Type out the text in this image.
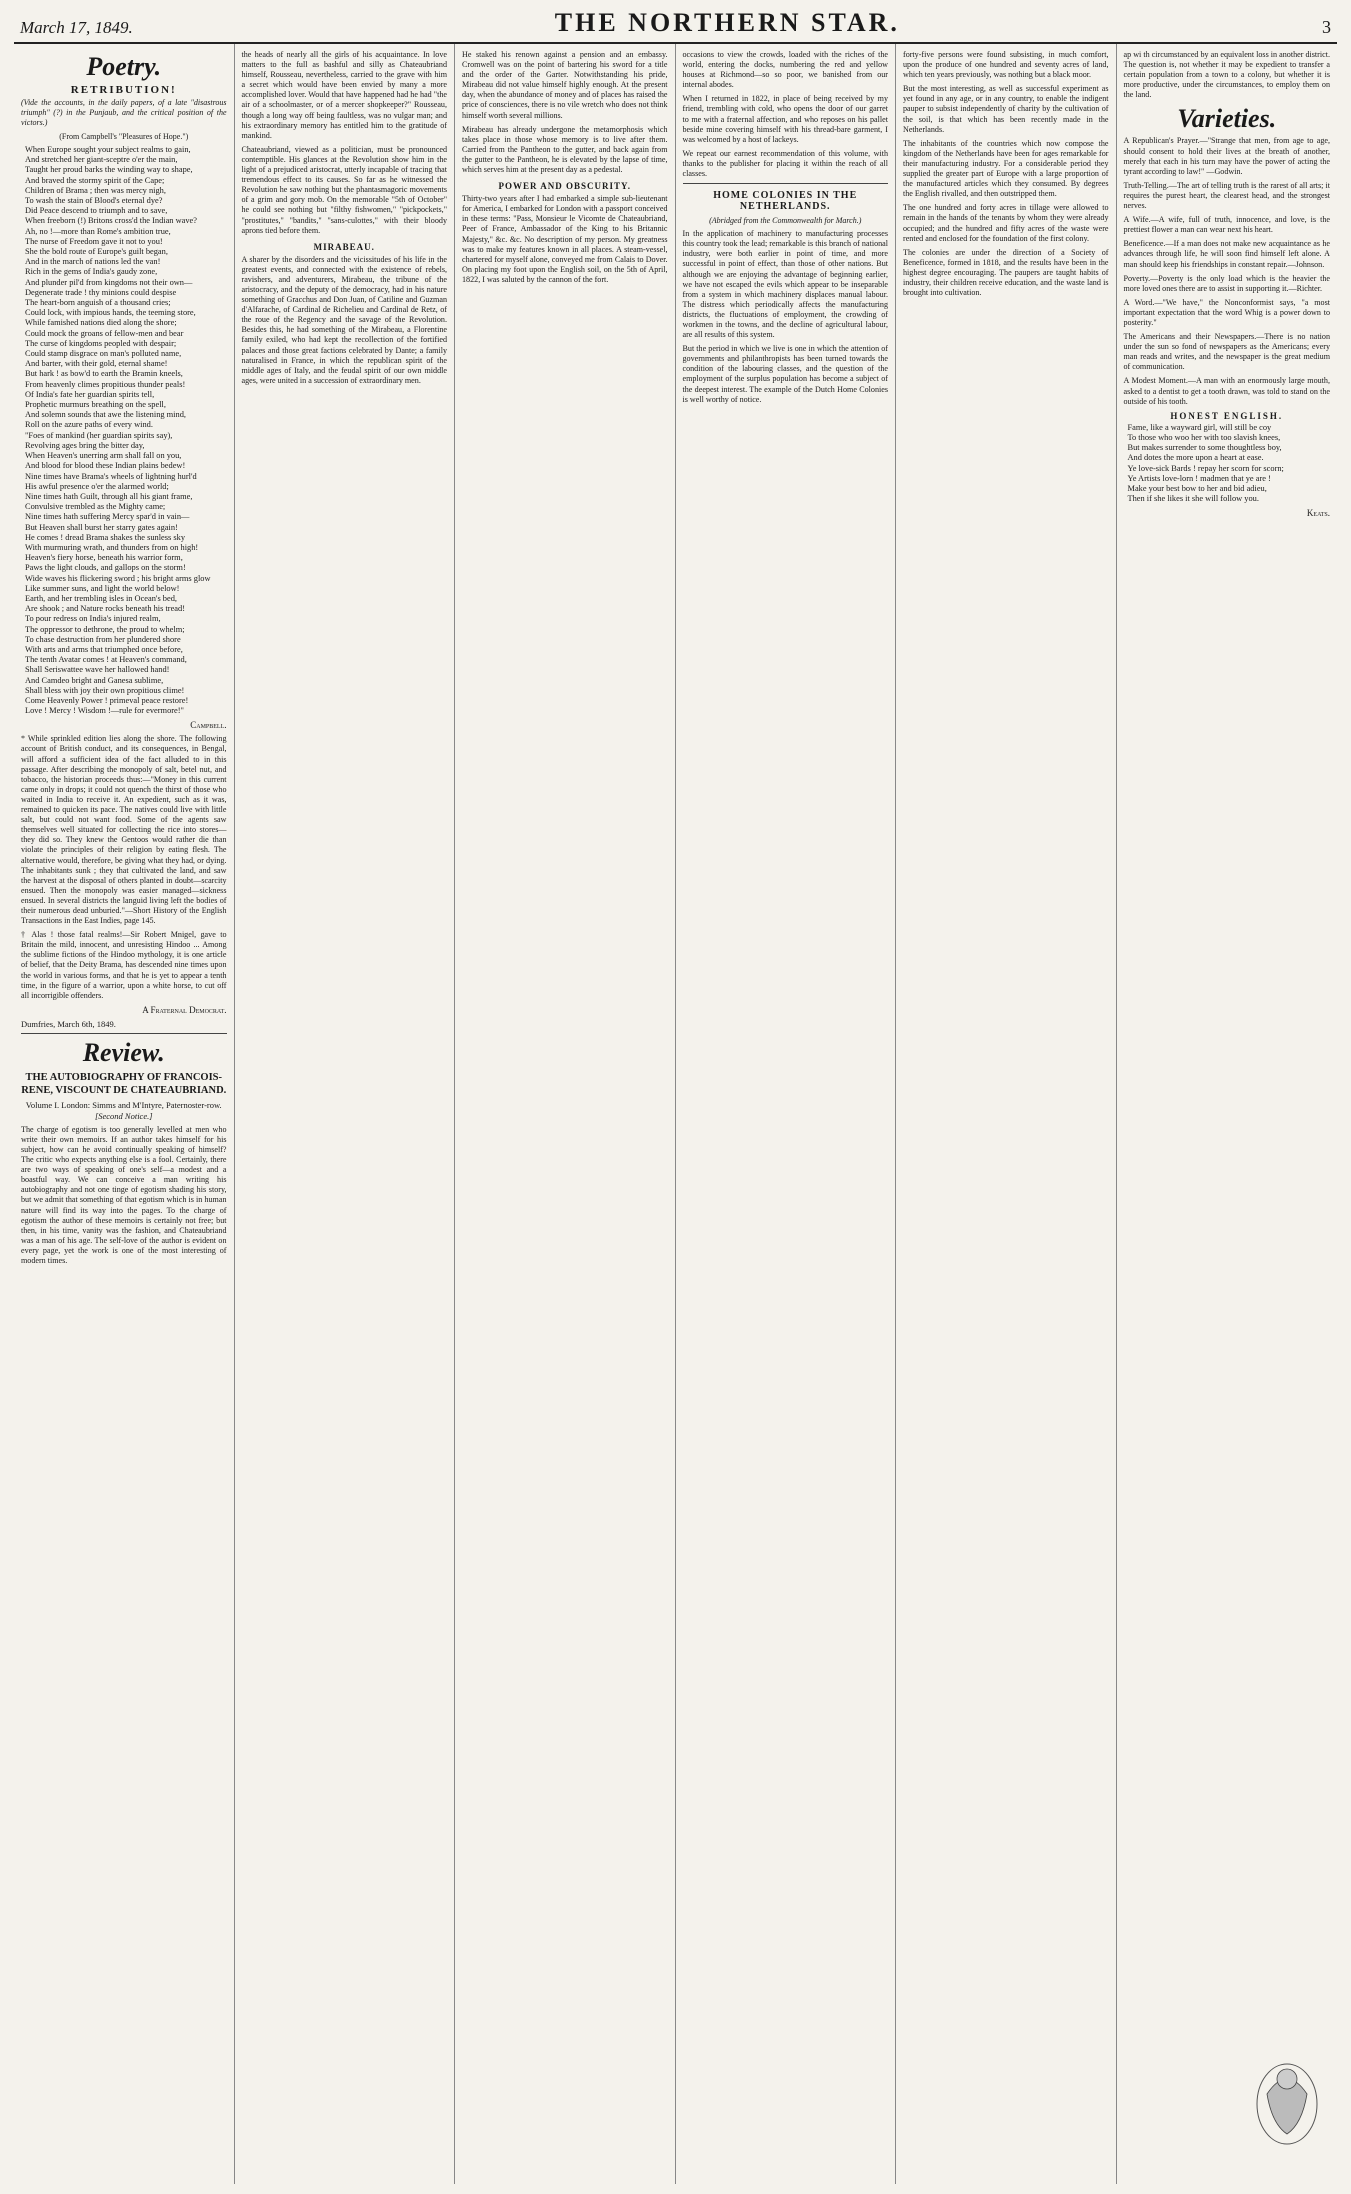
March 17, 1849.	THE NORTHERN STAR.	3
Poetry.
RETRIBUTION!
(Vide the accounts, in the daily papers, of a late "disastrous triumph" (?) in the Punjaub, and the critical position of the victors.)
(From Campbell's "Pleasures of Hope.")
When Europe sought your subject realms to gain,
And stretched her giant-sceptre o'er the main,
Taught her proud barks the winding way to shape,
And braved the stormy spirit of the Cape;
Children of Brama ; then was mercy nigh,
To wash the stain of Blood's eternal dye?
Did Peace descend to triumph and to save,
When freeborn (!) Britons cross'd the Indian wave?
Ah, no !—more than Rome's ambition true,
The nurse of Freedom gave it not to you!
She the bold route of Europe's guilt began,
And in the march of nations led the van!
Rich in the gems of India's gaudy zone,
And plunder pil'd from kingdoms not their own—
Degenerate trade ! thy minions could despise
The heart-born anguish of a thousand cries;
Could lock, with impious hands, the teeming store,
While famished nations died along the shore;
Could mock the groans of fellow-men and bear
The curse of kingdoms peopled with despair;
Could stamp disgrace on man's polluted name,
And barter, with their gold, eternal shame!
But hark ! as bow'd to earth the Bramin kneels,
From heavenly climes propitious thunder peals!
Of India's fate her guardian spirits tell,
Prophetic murmurs breathing on the spell,
And solemn sounds that awe the listening mind,
Roll on the azure paths of every wind.
"Foes of mankind (her guardian spirits say),
Revolving ages bring the bitter day,
When Heaven's unerring arm shall fall on you,
And blood for blood these Indian plains bedew!
Nine times have Brama's wheels of lightning hurl'd
His awful presence o'er the alarmed world;
Nine times hath Guilt, through all his giant frame,
Convulsive trembled as the Mighty came;
Nine times hath suffering Mercy spar'd in vain—
But Heaven shall burst her starry gates again!
He comes ! dread Brama shakes the sunless sky
With murmuring wrath, and thunders from on high!
Heaven's fiery horse, beneath his warrior form,
Paws the light clouds, and gallops on the storm!
Wide waves his flickering sword ; his bright arms glow
Like summer suns, and light the world below!
Earth, and her trembling isles in Ocean's bed,
Are shook ; and Nature rocks beneath his tread!
To pour redress on India's injured realm,
The oppressor to dethrone, the proud to whelm;
To chase destruction from her plundered shore
With arts and arms that triumphed once before,
The tenth Avatar comes ! at Heaven's command,
Shall Seriswattee wave her hallowed hand!
And Camdeo bright and Ganesa sublime,
Shall bless with joy their own propitious clime!
Come Heavenly Power ! primeval peace restore!
Love ! Mercy ! Wisdom !—rule for evermore!"
Campbell.

* While sprinkled edition lies along the shore. The following account of British conduct, and its consequences, in Bengal, will afford a sufficient idea of the fact alluded to in this passage. After describing the monopoly of salt, betel nut, and tobacco, the historian proceeds thus:—"Money in this current came only in drops; it could not quench the thirst of those who waited in India to receive it. An expedient, such as it was, remained to quicken its pace. The natives could live with little salt, but could not want food. Some of the agents saw themselves well situated for collecting the rice into stores—they did so. They knew the Gentoos would rather die than violate the principles of their religion by eating flesh. The alternative would, therefore, be giving what they had, or dying. The inhabitants sunk ; they that cultivated the land, and saw the harvest at the disposal of others planted in doubt—scarcity ensued. Then the monopoly was easier managed—sickness ensued. In several districts the languid living left the bodies of their numerous dead unburied."—Short History of the English Transactions in the East Indies, page 145.

† Alas ! those fatal realms!—Sir Robert Mnigel, gave to Britain the mild, innocent, and unresisting Hindoo ... Among the sublime fictions of the Hindoo mythology, it is one article of belief, that the Deity Brama, has descended nine times upon the world in various forms, and that he is yet to appear a tenth time, in the figure of a warrior, upon a white horse, to cut off all incorrigible offenders.

A Fraternal Democrat.
Dumfries, March 6th, 1849.
Review.
THE AUTOBIOGRAPHY OF FRANCOIS-RENE, VISCOUNT DE CHATEAUBRIAND.
Volume I. London: Simms and M'Intyre, Paternoster-row.
[Second Notice.]

The charge of egotism is too generally levelled at men who write their own memoirs. If an author takes himself for his subject, how can he avoid continually speaking of himself? The critic who expects anything else is a fool. Certainly, there are two ways of speaking of one's self—a modest and a boastful way. We can conceive a man writing his autobiography and not one tinge of egotism shading his story, but we admit that something of that egotism which is in human nature will find its way into the pages. To the charge of egotism the author of these memoirs is certainly not free; but then, in his time, vanity was the fashion, and Chateaubriand was a man of his age. The self-love of the author is evident on every page, yet the work is one of the most interesting of modern times.

the heads of nearly all the girls of his acquaintance. In love matters to the full as bashful and silly as Chateaubriand himself, Rousseau, nevertheless, carried to the grave with him a secret which would have been envied by many a more accomplished lover. Would that have happened had he had "the air of a schoolmaster, or of a mercer shopkeeper?" Rousseau, though a long way off being faultless, was no vulgar man; and his extraordinary memory has entitled him to the gratitude of mankind.

Chateaubriand, viewed as a politician, must be pronounced contemptible. His glances at the Revolution show him in the light of a prejudiced aristocrat, utterly incapable of tracing that tremendous effect to its causes. So far as he witnessed the Revolution he saw nothing but the phantasmagoric movements of a grim and gory mob. On the memorable "5th of October" he could see nothing but "filthy fishwomen," "pickpockets," "prostitutes," "bandits," "sans-culottes," with their bloody aprons tied before them.

MIRABEAU.

A sharer by the disorders and the vicissitudes of his life in the greatest events, and connected with the existence of rebels, ravishers, and adventurers, Mirabeau, the tribune of the aristocracy, and the deputy of the democracy, had in his nature something of Gracchus and Don Juan, of Catiline and Guzman d'Alfarache, of Cardinal de Richelieu and Cardinal de Retz, of the roue of the Regency and the savage of the Revolution. Besides this, he had something of the Mirabeau, a Florentine family exiled, who had kept the recollection of the fortified palaces and those great factions celebrated by Dante; a family naturalised in France, in which the republican spirit of the middle ages of Italy, and the feudal spirit of our own middle ages, were united in a succession of extraordinary men.

He staked his renown against a pension and an embassy. Cromwell was on the point of bartering his sword for a title and the order of the Garter. Notwithstanding his pride, Mirabeau did not value himself highly enough. At the present day, when the abundance of money and of places has raised the price of consciences, there is no vile wretch who does not think himself worth several millions.

Mirabeau has already undergone the metamorphosis which takes place in those whose memory is to live after them. Carried from the Pantheon to the gutter, and back again from the gutter to the Pantheon, he is elevated by the lapse of time, which serves him at the present day as a pedestal.

POWER AND OBSCURITY.

Thirty-two years after I had embarked a simple sub-lieutenant for America, I embarked for London with a passport conceived in these terms: "Pass, Monsieur le Vicomte de Chateaubriand, Peer of France, Ambassador of the King to his Britannic Majesty," &c. &c. No description of my person. My greatness was to make my features known in all places. A steam-vessel, chartered for myself alone, conveyed me from Calais to Dover. On placing my foot upon the English soil, on the 5th of April, 1822, I was saluted by the cannon of the fort.

occasions to view the crowds, loaded with the riches of the world, entering the docks, numbering the red and yellow houses at Richmond—so so poor, we banished from our internal abodes.

When I returned in 1822, in place of being received by my friend, trembling with cold, who opens the door of our garret to me with a fraternal affection, and who reposes on his pallet beside mine covering himself with his thread-bare garment, I was welcomed by a host of lackeys.

We repeat our earnest recommendation of this volume, with thanks to the publisher for placing it within the reach of all classes.

HOME COLONIES IN THE NETHERLANDS.
(Abridged from the Commonwealth for March.)

In the application of machinery to manufacturing processes this country took the lead; remarkable is this branch of national industry, were both earlier in point of time, and more successful in point of effect, than those of other nations. But although we are enjoying the advantage of beginning earlier, we have not escaped the evils which appear to be inseparable from a system in which machinery displaces manual labour. The distress which periodically affects the manufacturing districts, the fluctuations of employment, the crowding of workmen in the towns, and the decline of agricultural labour, are all results of this system.

But the period in which we live is one in which the attention of governments and philanthropists has been turned towards the condition of the labouring classes, and the question of the employment of the surplus population has become a subject of the deepest interest. The example of the Dutch Home Colonies is well worthy of notice.

forty-five persons were found subsisting, in much comfort, upon the produce of one hundred and seventy acres of land, which ten years previously, was nothing but a black moor.

But the most interesting, as well as successful experiment as yet found in any age, or in any country, to enable the indigent pauper to subsist independently of charity by the cultivation of the soil, is that which has been recently made in the Netherlands.

The inhabitants of the countries which now compose the kingdom of the Netherlands have been for ages remarkable for their manufacturing industry. For a considerable period they supplied the greater part of Europe with a large proportion of the manufactured articles which they consumed. By degrees the English rivalled, and then outstripped them.

The one hundred and forty acres in tillage were allowed to remain in the hands of the tenants by whom they were already occupied; and the hundred and fifty acres of the waste were rented and enclosed for the foundation of the first colony.

The colonies are under the direction of a Society of Beneficence, formed in 1818, and the results have been in the highest degree encouraging. The paupers are taught habits of industry, their children receive education, and the waste land is brought into cultivation.

ap wi th circumstanced by an equivalent loss in another district. The question is, not whether it may be expedient to transfer a certain population from a town to a colony, but whether it is more productive, under the circumstances, to employ them on the land.

Varieties.

A Republican's Prayer.—"Strange that men, from age to age, should consent to hold their lives at the breath of another, merely that each in his turn may have the power of acting the tyrant according to law!" —Godwin.

Truth-Telling.—The art of telling truth is the rarest of all arts; it requires the purest heart, the clearest head, and the strongest nerves.

A Wife.—A wife, full of truth, innocence, and love, is the prettiest flower a man can wear next his heart.

Beneficence.—If a man does not make new acquaintance as he advances through life, he will soon find himself left alone. A man should keep his friendships in constant repair.—Johnson.

Poverty.—Poverty is the only load which is the heavier the more loved ones there are to assist in supporting it.—Richter.

A Word.—"We have," the Nonconformist says, "a most important expectation that the word Whig is a power down to posterity."

The Americans and their Newspapers.—There is no nation under the sun so fond of newspapers as the Americans; every man reads and writes, and the newspaper is the great medium of communication.

A Modest Moment.—A man with an enormously large mouth, asked to a dentist to get a tooth drawn, was told to stand on the outside of his tooth.

HONEST ENGLISH.
Fame, like a wayward girl, will still be coy
To those who woo her with too slavish knees,
But makes surrender to some thoughtless boy,
And dotes the more upon a heart at ease.
Ye love-sick Bards ! repay her scorn for scorn;
Ye Artists love-lorn ! madmen that ye are !
Make your best bow to her and bid adieu,
Then if she likes it she will follow you.
Keats.
